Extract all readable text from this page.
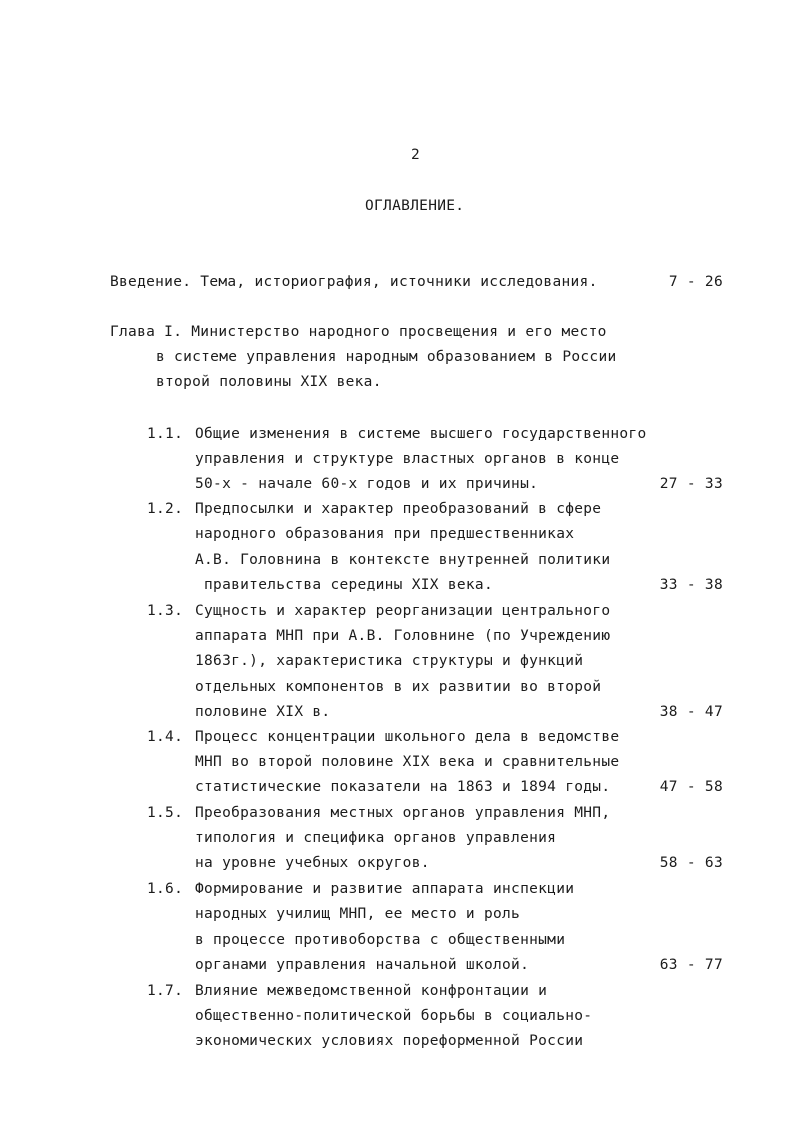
2
ОГЛАВЛЕНИЕ.
Введение. Тема, историография, источники исследования.	7 - 26
Глава I. Министерство народного просвещения и его место
в системе управления народным образованием в России
второй половины XIX века.
1.1. Общие изменения в системе высшего государственного
управления и структуре властных органов в конце
50-х - начале 60-х годов и их причины.	27 - 33
1.2. Предпосылки и характер преобразований в сфере
народного образования при предшественниках
А.В. Головнина в контексте внутренней политики
правительства середины XIX века.	33 - 38
1.3. Сущность и характер реорганизации центрального
аппарата МНП при А.В. Головнине (по Учреждению
1863г.), характеристика структуры и функций
отдельных компонентов в их развитии во второй
половине XIX в.	38 - 47
1.4. Процесс концентрации школьного дела в ведомстве
МНП во второй половине XIX века и сравнительные
статистические показатели на 1863 и 1894 годы.	47 - 58
1.5. Преобразования местных органов управления МНП,
типология и специфика органов управления
на уровне учебных округов.	58 - 63
1.6. Формирование и развитие аппарата инспекции
народных училищ МНП, ее место и роль
в процессе противоборства с общественными
органами управления начальной школой.	63 - 77
1.7. Влияние межведомственной конфронтации и
общественно-политической борьбы в социально-
экономических условиях пореформенной России
